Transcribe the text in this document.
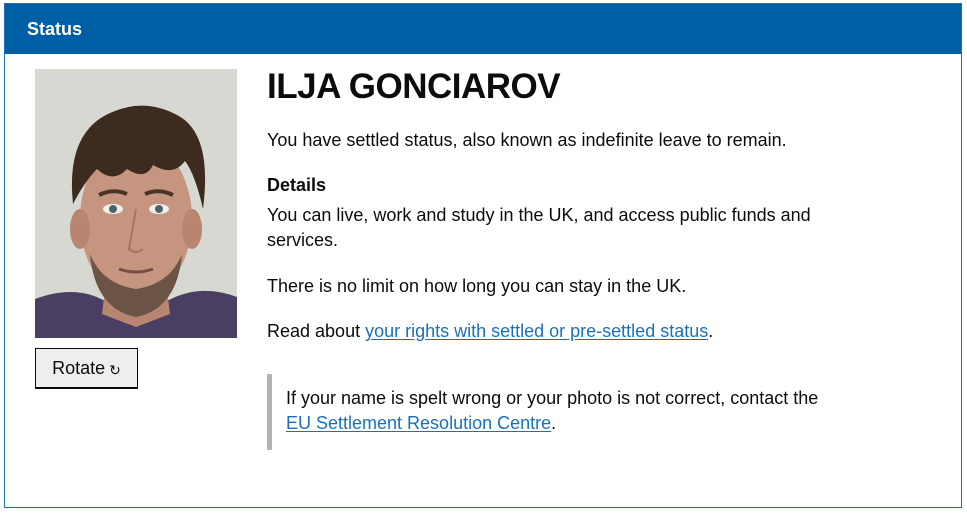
Status
Rotate ↻
ILJA GONCIAROV
You have settled status, also known as indefinite leave to remain.
Details
You can live, work and study in the UK, and access public funds and services.
There is no limit on how long you can stay in the UK.
Read about your rights with settled or pre-settled status.
If your name is spelt wrong or your photo is not correct, contact the
EU Settlement Resolution Centre.
